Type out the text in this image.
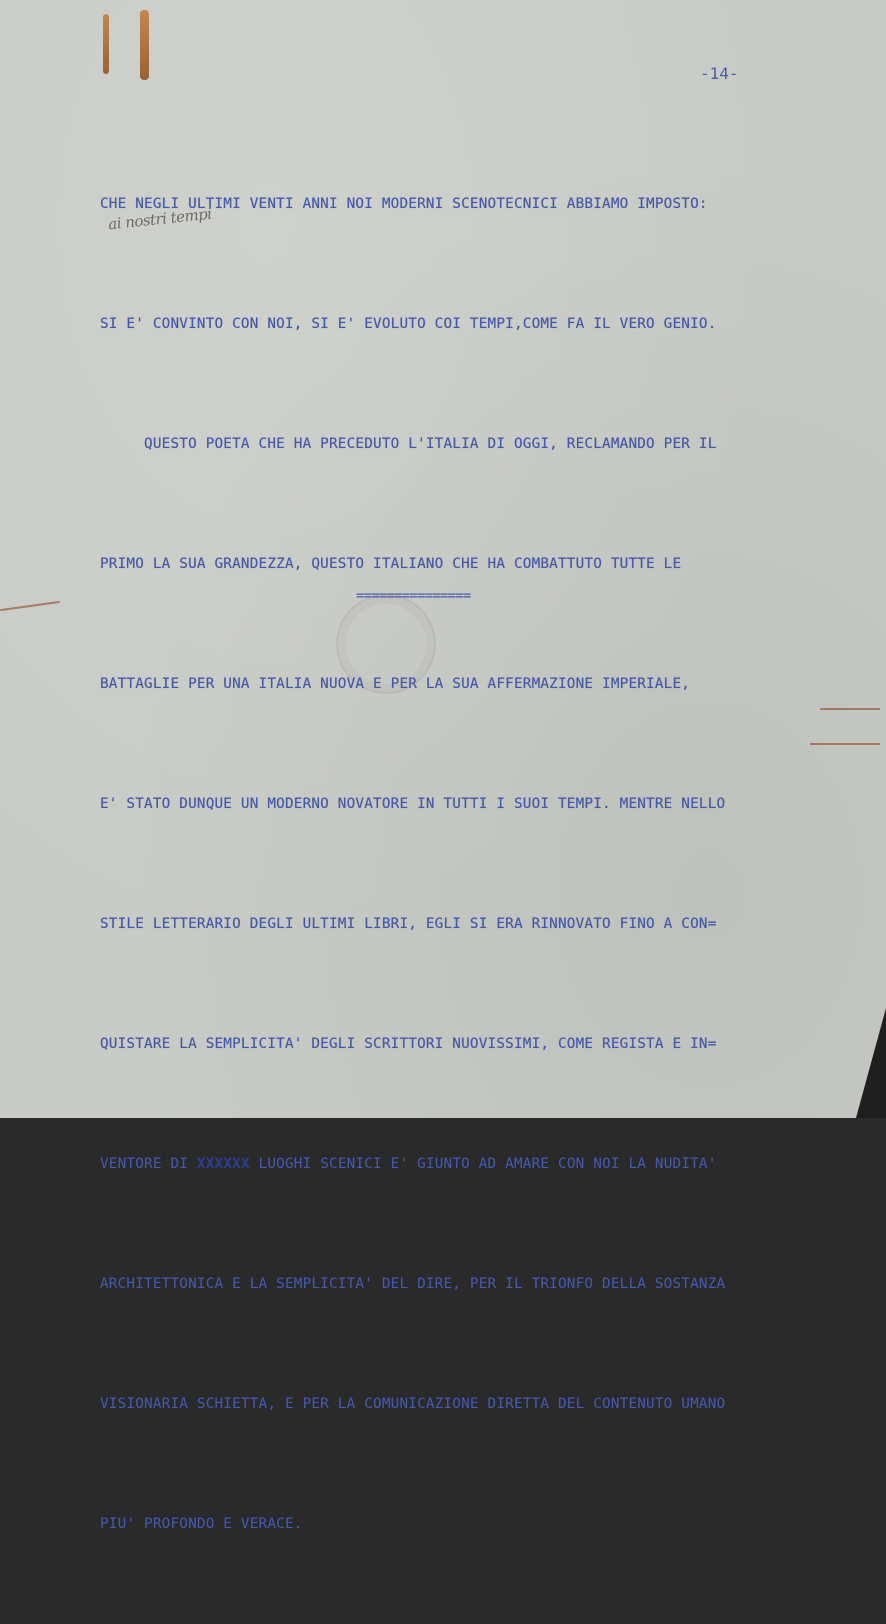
-14-
ai nostri tempi

CHE NEGLI ULTIMI VENTI ANNI NOI MODERNI SCENOTECNICI ABBIAMO IMPOSTO:

SI E' CONVINTO CON NOI, SI E' EVOLUTO COI TEMPI,COME FA IL VERO GENIO.

QUESTO POETA CHE HA PRECEDUTO L'ITALIA DI OGGI, RECLAMANDO PER IL

PRIMO LA SUA GRANDEZZA, QUESTO ITALIANO CHE HA COMBATTUTO TUTTE LE

BATTAGLIE PER UNA ITALIA NUOVA E PER LA SUA AFFERMAZIONE IMPERIALE,

E' STATO DUNQUE UN MODERNO NOVATORE IN TUTTI I SUOI TEMPI. MENTRE NELLO

STILE LETTERARIO DEGLI ULTIMI LIBRI, EGLI SI ERA RINNOVATO FINO A CON=

QUISTARE LA SEMPLICITA' DEGLI SCRITTORI NUOVISSIMI, COME REGISTA E IN=

VENTORE DI XXXXXX LUOGHI SCENICI E' GIUNTO AD AMARE CON NOI LA NUDITA'

ARCHITETTONICA E LA SEMPLICITA' DEL DIRE, PER IL TRIONFO DELLA SOSTANZA

VISIONARIA SCHIETTA, E PER LA COMUNICAZIONE DIRETTA DEL CONTENUTO UMANO

PIU' PROFONDO E VERACE.

===============
